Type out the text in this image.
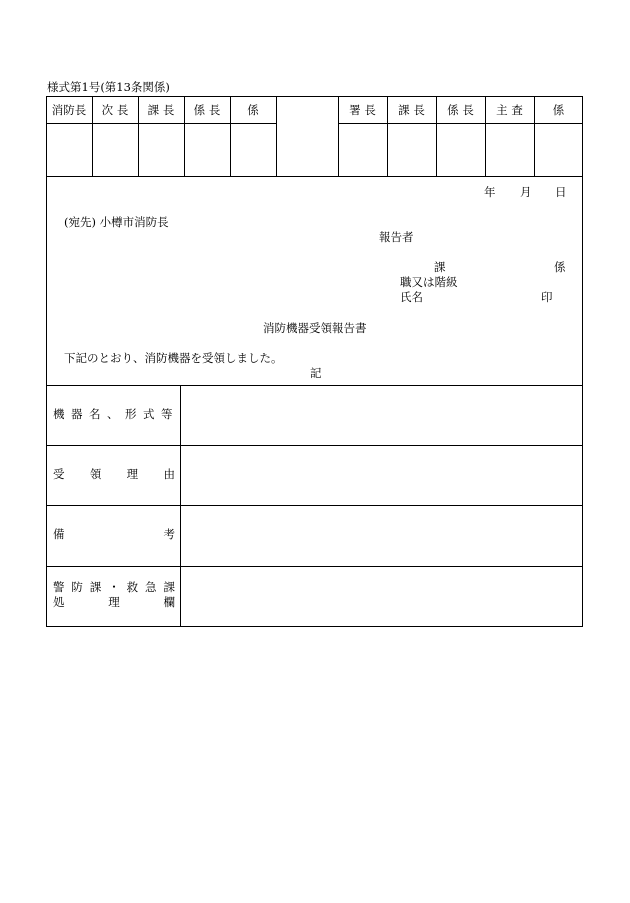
様式第1号(第13条関係)
消防長	次 長	課 長	係 長	係	署 長	課 長	係 長	主 査	係
年 月 日
(宛先) 小樽市消防長
報告者
課	係
職又は階級
氏名	印
消防機器受領報告書
下記のとおり、消防機器を受領しました。
記
機器名、形式等
受 領 理 由
備	考
警 防 課 ・ 救 急 課
処	理	欄
